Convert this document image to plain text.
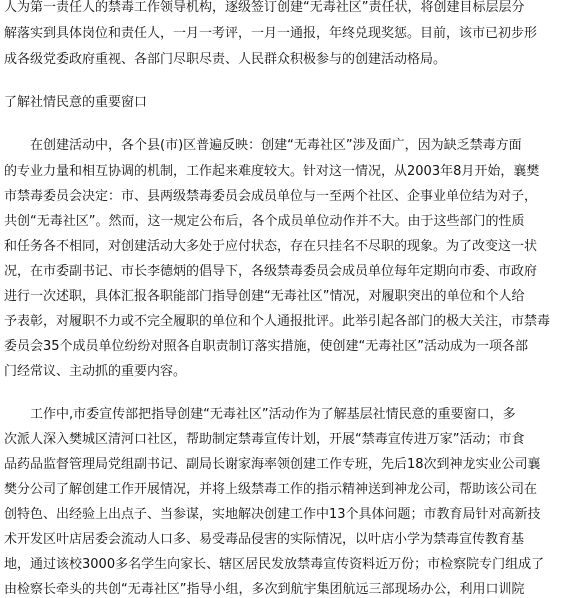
人为第一责任人的禁毒工作领导机构，逐级签订创建“无毒社区”责任状，将创建目标层层分
解落实到具体岗位和责任人，一月一考评，一月一通报，年终兑现奖惩。目前，该市已初步形
成各级党委政府重视、各部门尽职尽责、人民群众积极参与的创建活动格局。
了解社情民意的重要窗口
在创建活动中，各个县(市)区普遍反映：创建“无毒社区”涉及面广，因为缺乏禁毒方面
的专业力量和相互协调的机制，工作起来难度较大。针对这一情况，从2003年8月开始，襄樊
市禁毒委员会决定：市、县两级禁毒委员会成员单位与一至两个社区、企事业单位结为对子，
共创“无毒社区”。然而，这一规定公布后，各个成员单位动作并不大。由于这些部门的性质
和任务各不相同，对创建活动大多处于应付状态，存在只挂名不尽职的现象。为了改变这一状
况，在市委副书记、市长李德炳的倡导下，各级禁毒委员会成员单位每年定期向市委、市政府
进行一次述职，具体汇报各职能部门指导创建“无毒社区”情况，对履职突出的单位和个人给
予表彰，对履职不力或不完全履职的单位和个人通报批评。此举引起各部门的极大关注，市禁毒
委员会35个成员单位纷纷对照各自职责制订落实措施，使创建“无毒社区”活动成为一项各部
门经常议、主动抓的重要内容。
工作中,市委宣传部把指导创建“无毒社区”活动作为了解基层社情民意的重要窗口，多
次派人深入樊城区清河口社区，帮助制定禁毒宣传计划，开展“禁毒宣传进万家”活动；市食
品药品监督管理局党组副书记、副局长谢家海率领创建工作专班，先后18次到神龙实业公司襄
樊分公司了解创建工作开展情况，并将上级禁毒工作的指示精神送到神龙公司，帮助该公司在
创特色、出经验上出点子、当参谋，实地解决创建工作中13个具体问题；市教育局针对高新技
术开发区叶店居委会流动人口多、易受毒品侵害的实际情况，以叶店小学为禁毒宣传教育基
地，通过该校3000多名学生向家长、辖区居民发放禁毒宣传资料近万份；市检察院专门组成了
由检察长牵头的共创“无毒社区”指导小组，多次到航宇集团航远三部现场办公，利用口训院
